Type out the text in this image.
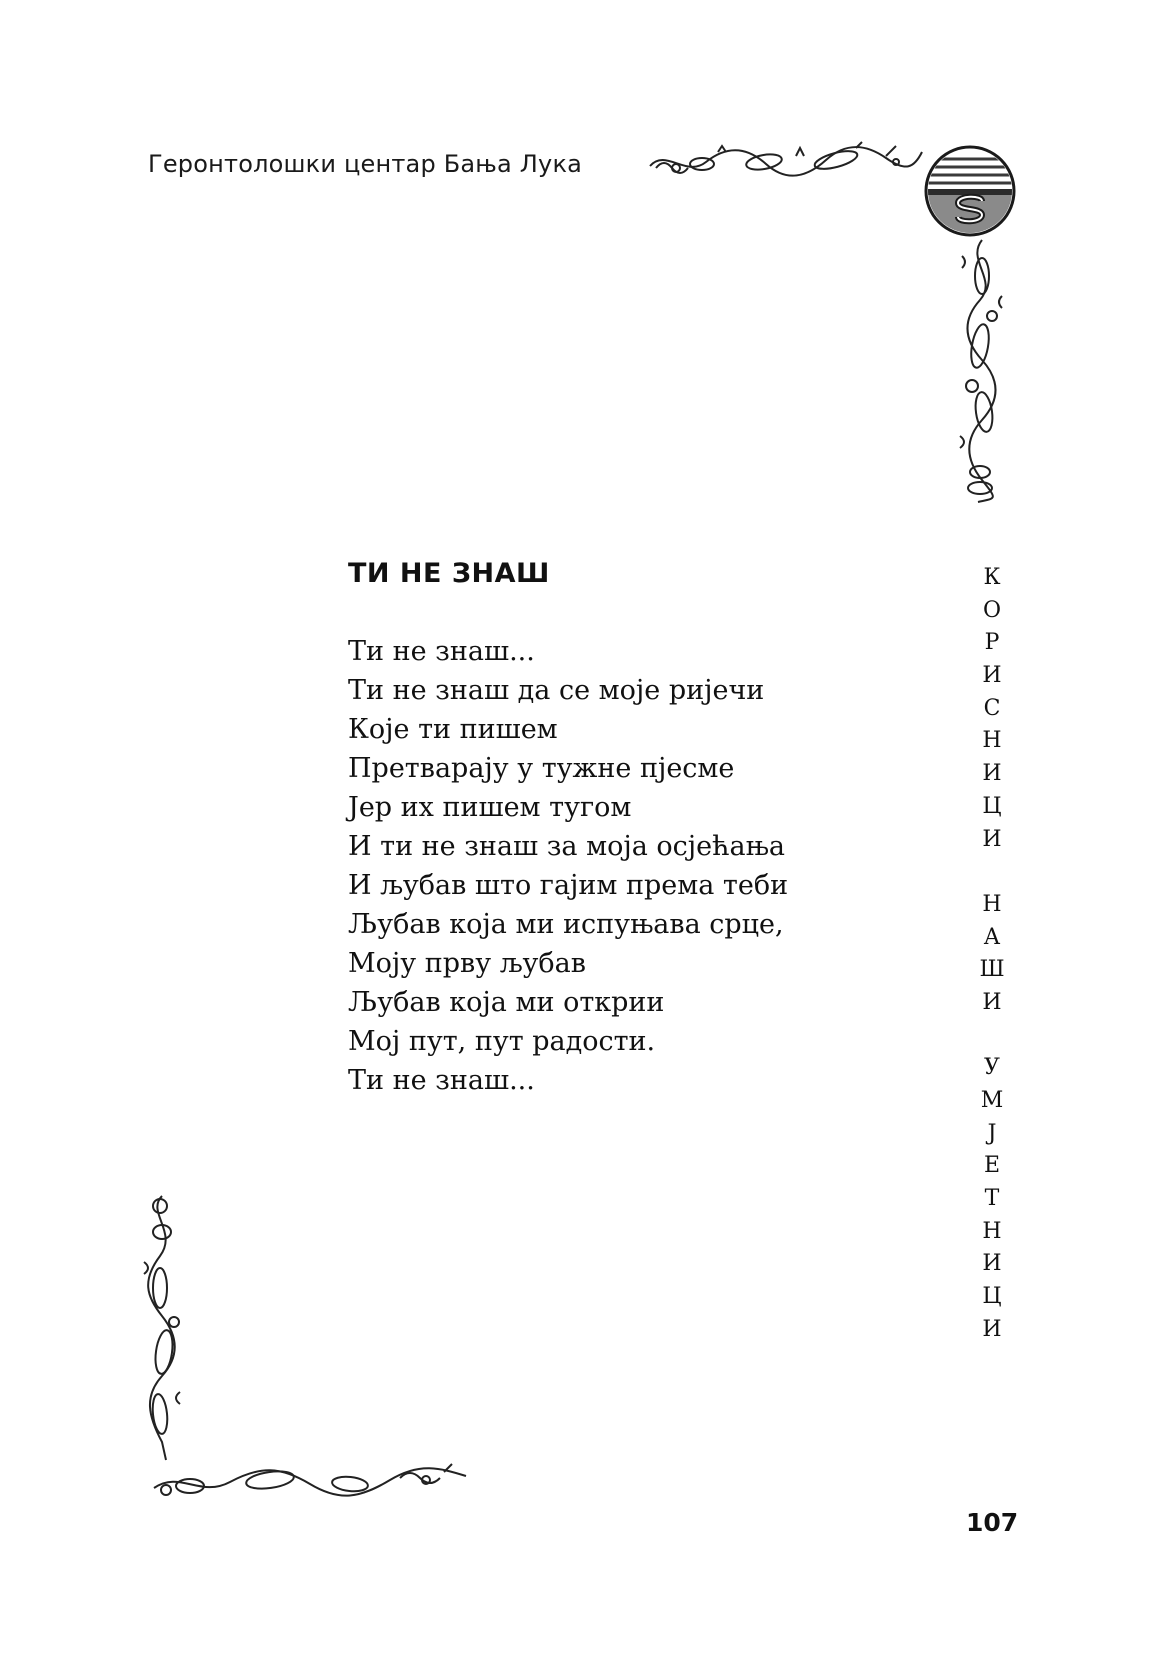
Геронтолошки центар Бања Лука
ТИ НЕ ЗНАШ
Ти не знаш...
Ти не знаш да се моје ријечи
Које ти пишем
Претварају у тужне пјесме
Јер их пишем тугом
И ти не знаш за моја осјећања
И љубав што гајим према теби
Љубав која ми испуњава срце,
Моју прву љубав
Љубав која ми открии
Мој пут, пут радости.
Ти не знаш...
К
О
Р
И
С
Н
И
Ц
И
Н
А
Ш
И
У
М
Ј
Е
Т
Н
И
Ц
И
107
